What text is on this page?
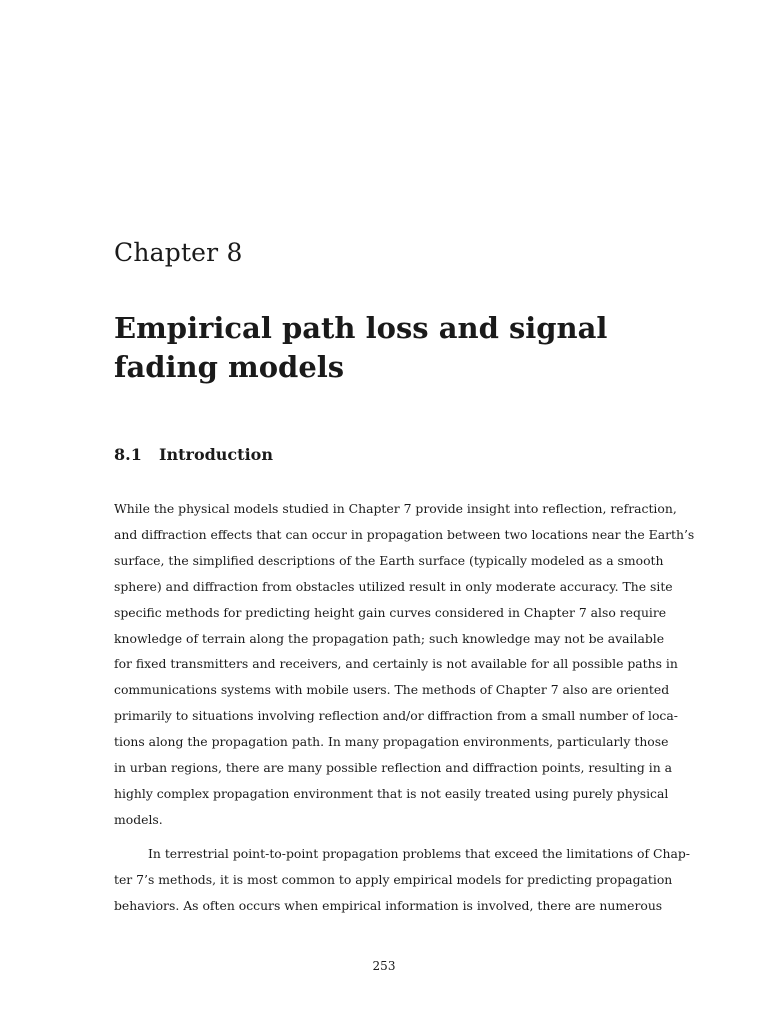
Chapter 8
Empirical path loss and signal fading models
8.1 Introduction

While the physical models studied in Chapter 7 provide insight into reflection, refraction,
and diffraction effects that can occur in propagation between two locations near the Earth’s
surface, the simplified descriptions of the Earth surface (typically modeled as a smooth
sphere) and diffraction from obstacles utilized result in only moderate accuracy. The site
specific methods for predicting height gain curves considered in Chapter 7 also require
knowledge of terrain along the propagation path; such knowledge may not be available
for fixed transmitters and receivers, and certainly is not available for all possible paths in
communications systems with mobile users. The methods of Chapter 7 also are oriented
primarily to situations involving reflection and/or diffraction from a small number of loca-
tions along the propagation path. In many propagation environments, particularly those
in urban regions, there are many possible reflection and diffraction points, resulting in a
highly complex propagation environment that is not easily treated using purely physical
models.

In terrestrial point-to-point propagation problems that exceed the limitations of Chap-
ter 7’s methods, it is most common to apply empirical models for predicting propagation
behaviors. As often occurs when empirical information is involved, there are numerous

253
